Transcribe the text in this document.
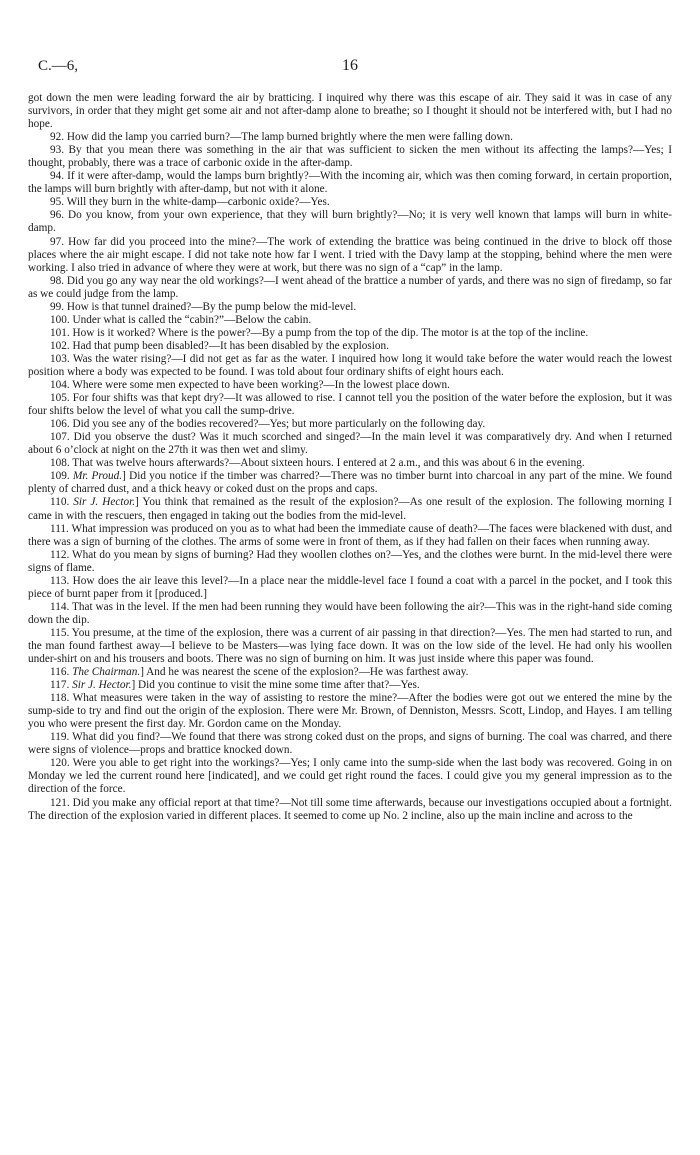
C.—6,	16

got down the men were leading forward the air by bratticing. I inquired why there was this escape of air. They said it was in case of any survivors, in order that they might get some air and not after-damp alone to breathe; so I thought it should not be interfered with, but I had no hope.

92. How did the lamp you carried burn?—The lamp burned brightly where the men were falling down.

93. By that you mean there was something in the air that was sufficient to sicken the men without its affecting the lamps?—Yes; I thought, probably, there was a trace of carbonic oxide in the after-damp.

94. If it were after-damp, would the lamps burn brightly?—With the incoming air, which was then coming forward, in certain proportion, the lamps will burn brightly with after-damp, but not with it alone.

95. Will they burn in the white-damp—carbonic oxide?—Yes.

96. Do you know, from your own experience, that they will burn brightly?—No; it is very well known that lamps will burn in white-damp.

97. How far did you proceed into the mine?—The work of extending the brattice was being continued in the drive to block off those places where the air might escape. I did not take note how far I went. I tried with the Davy lamp at the stopping, behind where the men were working. I also tried in advance of where they were at work, but there was no sign of a “cap” in the lamp.

98. Did you go any way near the old workings?—I went ahead of the brattice a number of yards, and there was no sign of firedamp, so far as we could judge from the lamp.

99. How is that tunnel drained?—By the pump below the mid-level.

100. Under what is called the “cabin?”—Below the cabin.

101. How is it worked? Where is the power?—By a pump from the top of the dip. The motor is at the top of the incline.

102. Had that pump been disabled?—It has been disabled by the explosion.

103. Was the water rising?—I did not get as far as the water. I inquired how long it would take before the water would reach the lowest position where a body was expected to be found. I was told about four ordinary shifts of eight hours each.

104. Where were some men expected to have been working?—In the lowest place down.

105. For four shifts was that kept dry?—It was allowed to rise. I cannot tell you the position of the water before the explosion, but it was four shifts below the level of what you call the sump-drive.

106. Did you see any of the bodies recovered?—Yes; but more particularly on the following day.

107. Did you observe the dust? Was it much scorched and singed?—In the main level it was comparatively dry. And when I returned about 6 o’clock at night on the 27th it was then wet and slimy.

108. That was twelve hours afterwards?—About sixteen hours. I entered at 2 a.m., and this was about 6 in the evening.

109. Mr. Proud.] Did you notice if the timber was charred?—There was no timber burnt into charcoal in any part of the mine. We found plenty of charred dust, and a thick heavy or coked dust on the props and caps.

110. Sir J. Hector.] You think that remained as the result of the explosion?—As one result of the explosion. The following morning I came in with the rescuers, then engaged in taking out the bodies from the mid-level.

111. What impression was produced on you as to what had been the immediate cause of death?—The faces were blackened with dust, and there was a sign of burning of the clothes. The arms of some were in front of them, as if they had fallen on their faces when running away.

112. What do you mean by signs of burning? Had they woollen clothes on?—Yes, and the clothes were burnt. In the mid-level there were signs of flame.

113. How does the air leave this level?—In a place near the middle-level face I found a coat with a parcel in the pocket, and I took this piece of burnt paper from it [produced.]

114. That was in the level. If the men had been running they would have been following the air?—This was in the right-hand side coming down the dip.

115. You presume, at the time of the explosion, there was a current of air passing in that direction?—Yes. The men had started to run, and the man found farthest away—I believe to be Masters—was lying face down. It was on the low side of the level. He had only his woollen under-shirt on and his trousers and boots. There was no sign of burning on him. It was just inside where this paper was found.

116. The Chairman.] And he was nearest the scene of the explosion?—He was farthest away.

117. Sir J. Hector.] Did you continue to visit the mine some time after that?—Yes.

118. What measures were taken in the way of assisting to restore the mine?—After the bodies were got out we entered the mine by the sump-side to try and find out the origin of the explosion. There were Mr. Brown, of Denniston, Messrs. Scott, Lindop, and Hayes. I am telling you who were present the first day. Mr. Gordon came on the Monday.

119. What did you find?—We found that there was strong coked dust on the props, and signs of burning. The coal was charred, and there were signs of violence—props and brattice knocked down.

120. Were you able to get right into the workings?—Yes; I only came into the sump-side when the last body was recovered. Going in on Monday we led the current round here [indicated], and we could get right round the faces. I could give you my general impression as to the direction of the force.

121. Did you make any official report at that time?—Not till some time afterwards, because our investigations occupied about a fortnight. The direction of the explosion varied in different places. It seemed to come up No. 2 incline, also up the main incline and across to the
